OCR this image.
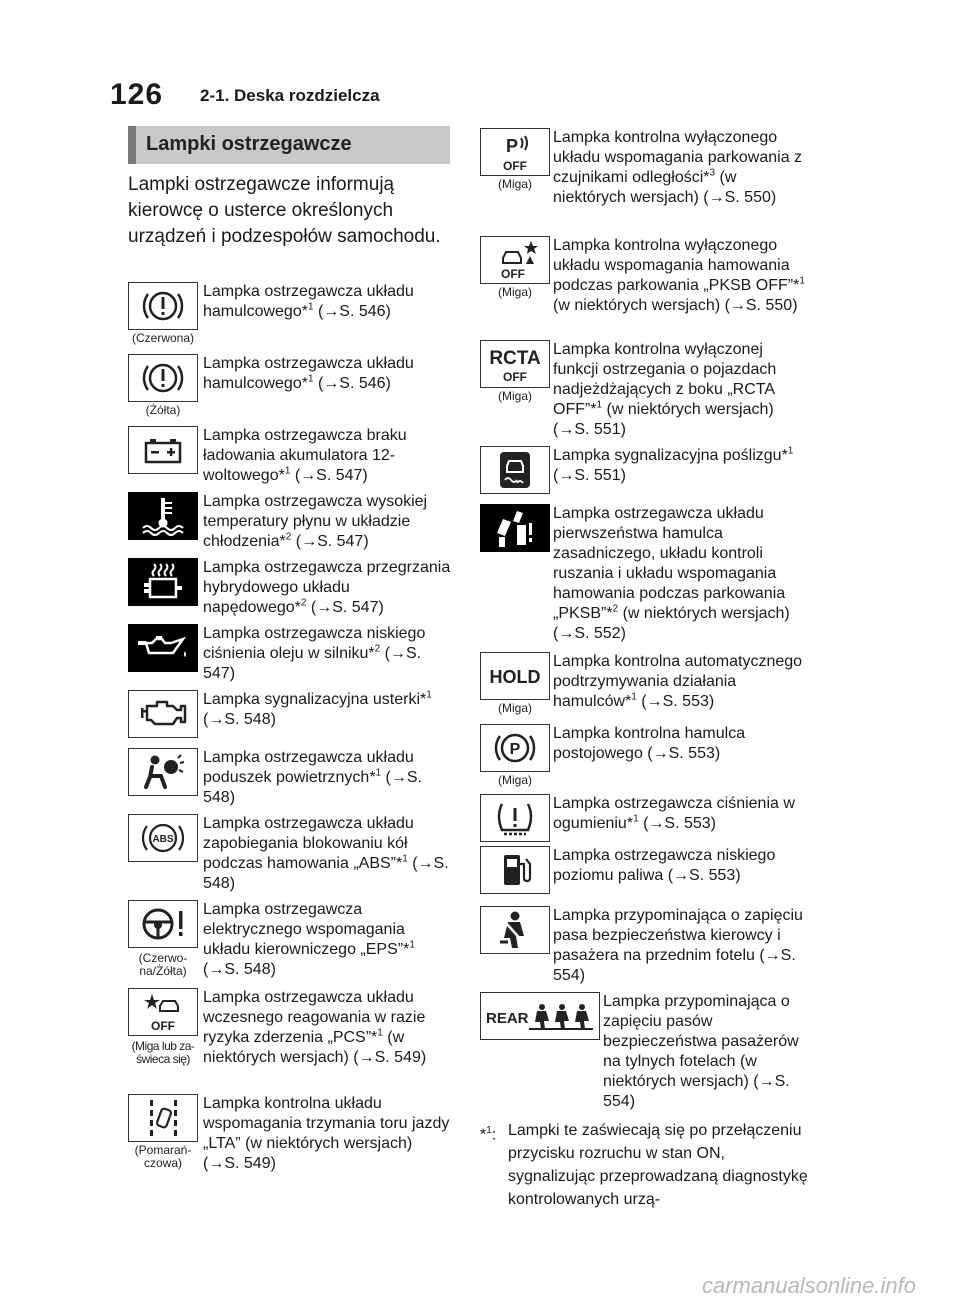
126 2-1. Deska rozdzielcza
Lampki ostrzegawcze
Lampki ostrzegawcze informują kierowcę o usterce określonych urządzeń i podzespołów samochodu.
(Czerwona)
Lampka ostrzegawcza układu hamulcowego*$^1$ (→S. 546)
(Żółta)
Lampka ostrzegawcza układu hamulcowego*$^1$ (→S. 546)
Lampka ostrzegawcza braku ładowania akumulatora 12-woltowego*$^1$ (→S. 547)
Lampka ostrzegawcza wysokiej temperatury płynu w układzie chłodzenia*$^2$ (→S. 547)
Lampka ostrzegawcza przegrzania hybrydowego układu napędowego*$^2$ (→S. 547)
Lampka ostrzegawcza niskiego ciśnienia oleju w silniku*$^2$ (→S. 547)
Lampka sygnalizacyjna usterki*$^1$ (→S. 548)
Lampka ostrzegawcza układu poduszek powietrznych*$^1$ (→S. 548)
ABS
Lampka ostrzegawcza układu zapobiegania blokowaniu kół podczas hamowania „ABS”*$^1$ (→S. 548)
(Czerwo-
na/Żółta)
Lampka ostrzegawcza elektrycznego wspomagania układu kierowniczego „EPS”*$^1$ (→S. 548)
OFF
(Miga lub za-
świeca się)
Lampka ostrzegawcza układu wczesnego reagowania w razie ryzyka zderzenia „PCS”*$^1$ (w niektórych wersjach) (→S. 549)
(Pomarań-
czowa)
Lampka kontrolna układu wspomagania trzymania toru jazdy „LTA” (w niektórych wersjach) (→S. 549)
P
OFF
(Miga)
Lampka kontrolna wyłączonego układu wspomagania parkowania z czujnikami odległości*$^3$ (w niektórych wersjach) (→S. 550)
OFF
(Miga)
Lampka kontrolna wyłączonego układu wspomagania hamowania podczas parkowania „PKSB OFF”*$^1$ (w niektórych wersjach) (→S. 550)
RCTA
OFF
(Miga)
Lampka kontrolna wyłączonej funkcji ostrzegania o pojazdach nadjeżdżających z boku „RCTA OFF”*$^1$ (w niektórych wersjach) (→S. 551)
Lampka sygnalizacyjna poślizgu*$^1$ (→S. 551)
Lampka ostrzegawcza układu pierwszeństwa hamulca zasadniczego, układu kontroli ruszania i układu wspomagania hamowania podczas parkowania „PKSB”*$^2$ (w niektórych wersjach) (→S. 552)
HOLD
(Miga)
Lampka kontrolna automatycznego podtrzymywania działania hamulców*$^1$ (→S. 553)
P
(Miga)
Lampka kontrolna hamulca postojowego (→S. 553)
Lampka ostrzegawcza ciśnienia w ogumieniu*$^1$ (→S. 553)
Lampka ostrzegawcza niskiego poziomu paliwa (→S. 553)
Lampka przypominająca o zapięciu pasa bezpieczeństwa kierowcy i pasażera na przednim fotelu (→S. 554)
REAR
Lampka przypominająca o zapięciu pasów bezpieczeństwa pasażerów na tylnych fotelach (w niektórych wersjach) (→S. 554)
*$^1$: Lampki te zaświecają się po przełączeniu przycisku rozruchu w stan ON, sygnalizując przeprowadzaną diagnostykę kontrolowanych urzą-
carmanualsonline.info
